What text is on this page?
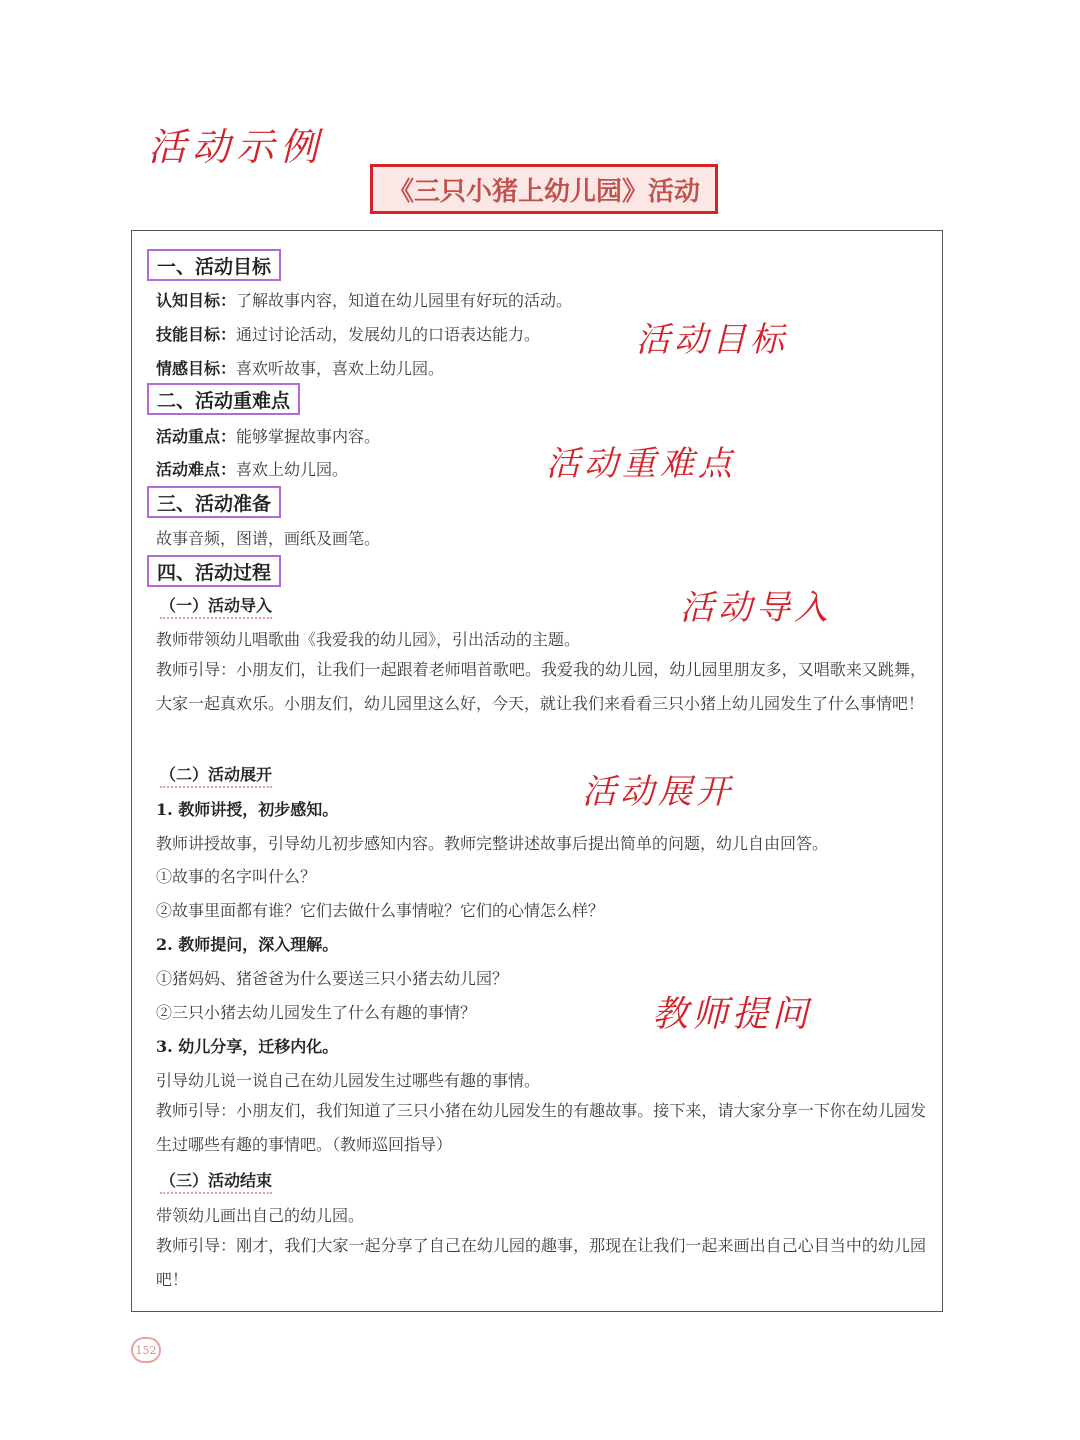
活动示例
《三只小猪上幼儿园》活动
一、活动目标
认知目标：了解故事内容，知道在幼儿园里有好玩的活动。
技能目标：通过讨论活动，发展幼儿的口语表达能力。
情感目标：喜欢听故事，喜欢上幼儿园。
活动目标
二、活动重难点
活动重点：能够掌握故事内容。
活动难点：喜欢上幼儿园。	活动重难点
三、活动准备
故事音频，图谱，画纸及画笔。
四、活动过程
（一）活动导入	活动导入
教师带领幼儿唱歌曲《我爱我的幼儿园》，引出活动的主题。
教师引导：小朋友们，让我们一起跟着老师唱首歌吧。我爱我的幼儿园，幼儿园里朋友多，又唱歌来又跳舞，大家一起真欢乐。小朋友们，幼儿园里这么好，今天，就让我们来看看三只小猪上幼儿园发生了什么事情吧！
（二）活动展开	活动展开
1. 教师讲授，初步感知。
教师讲授故事，引导幼儿初步感知内容。教师完整讲述故事后提出简单的问题，幼儿自由回答。
①故事的名字叫什么？
②故事里面都有谁？它们去做什么事情啦？它们的心情怎么样？
2. 教师提问，深入理解。
①猪妈妈、猪爸爸为什么要送三只小猪去幼儿园？
②三只小猪去幼儿园发生了什么有趣的事情？	教师提问
3. 幼儿分享，迁移内化。
引导幼儿说一说自己在幼儿园发生过哪些有趣的事情。
教师引导：小朋友们，我们知道了三只小猪在幼儿园发生的有趣故事。接下来，请大家分享一下你在幼儿园发生过哪些有趣的事情吧。（教师巡回指导）
（三）活动结束
带领幼儿画出自己的幼儿园。
教师引导：刚才，我们大家一起分享了自己在幼儿园的趣事，那现在让我们一起来画出自己心目当中的幼儿园吧！
152
